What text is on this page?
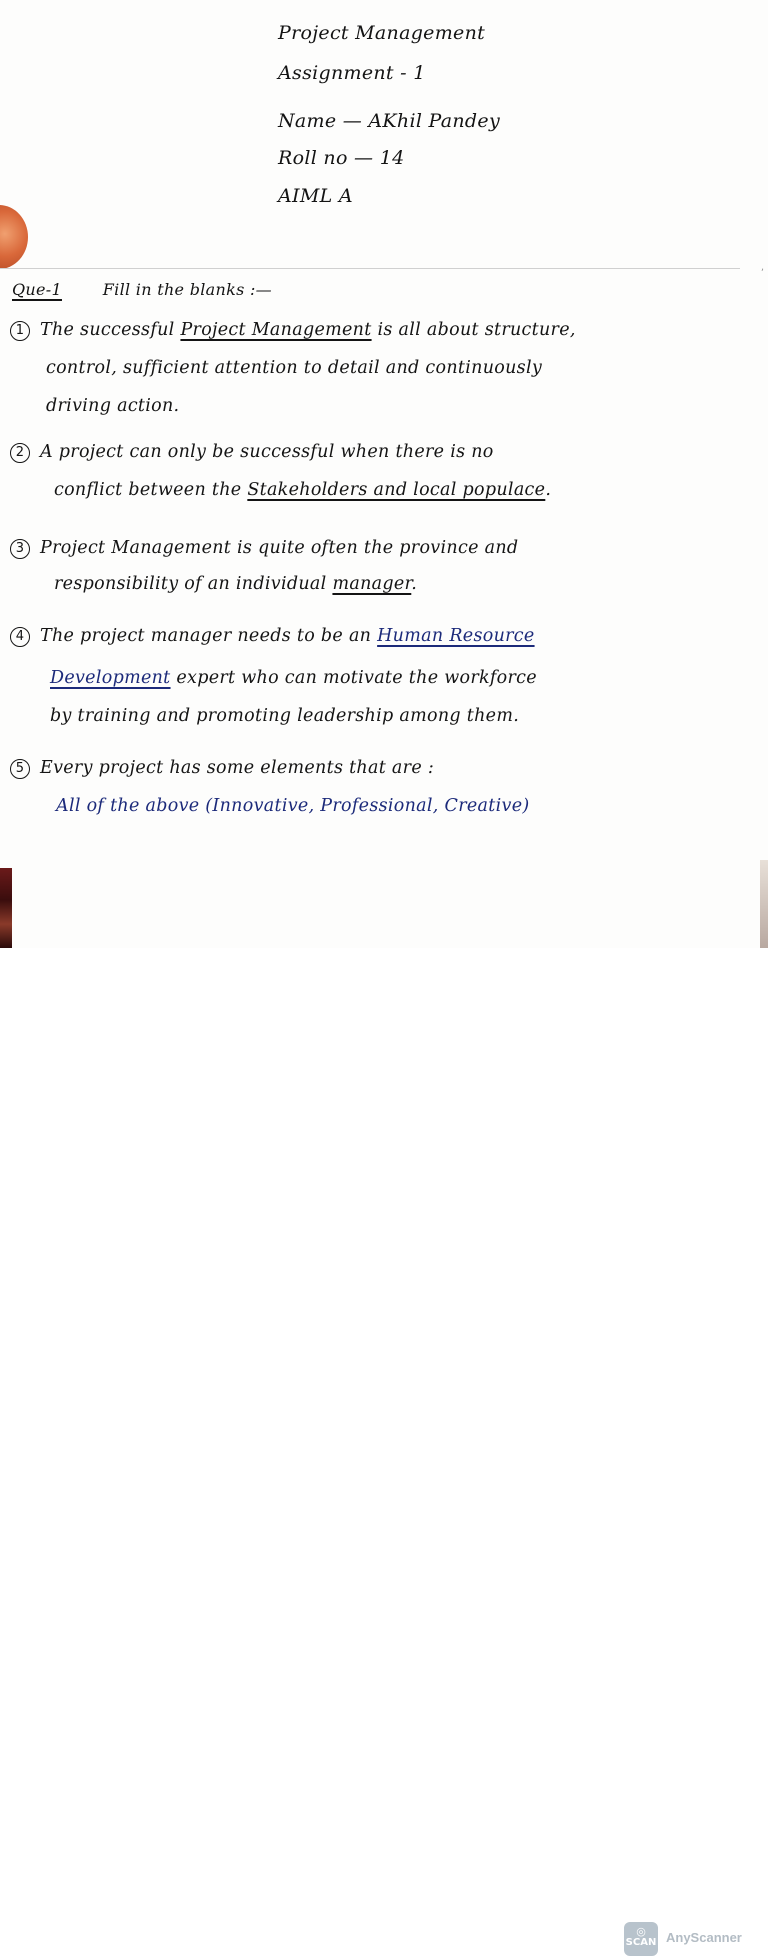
Project Management
Assignment - 1
Name — AKhil Pandey
Roll no — 14
AIML A
Que-1	Fill in the blanks :—
1 The successful Project Management is all about structure,
control, sufficient attention to detail and continuously
driving action.
2 A project can only be successful when there is no
conflict between the Stakeholders and local populace.
3 Project Management is quite often the province and
responsibility of an individual manager.
4 The project manager needs to be an Human Resource
Development expert who can motivate the workforce
by training and promoting leadership among them.
5 Every project has some elements that are :
All of the above (Innovative, Professional, Creative)
,
◎
SCAN AnyScanner
